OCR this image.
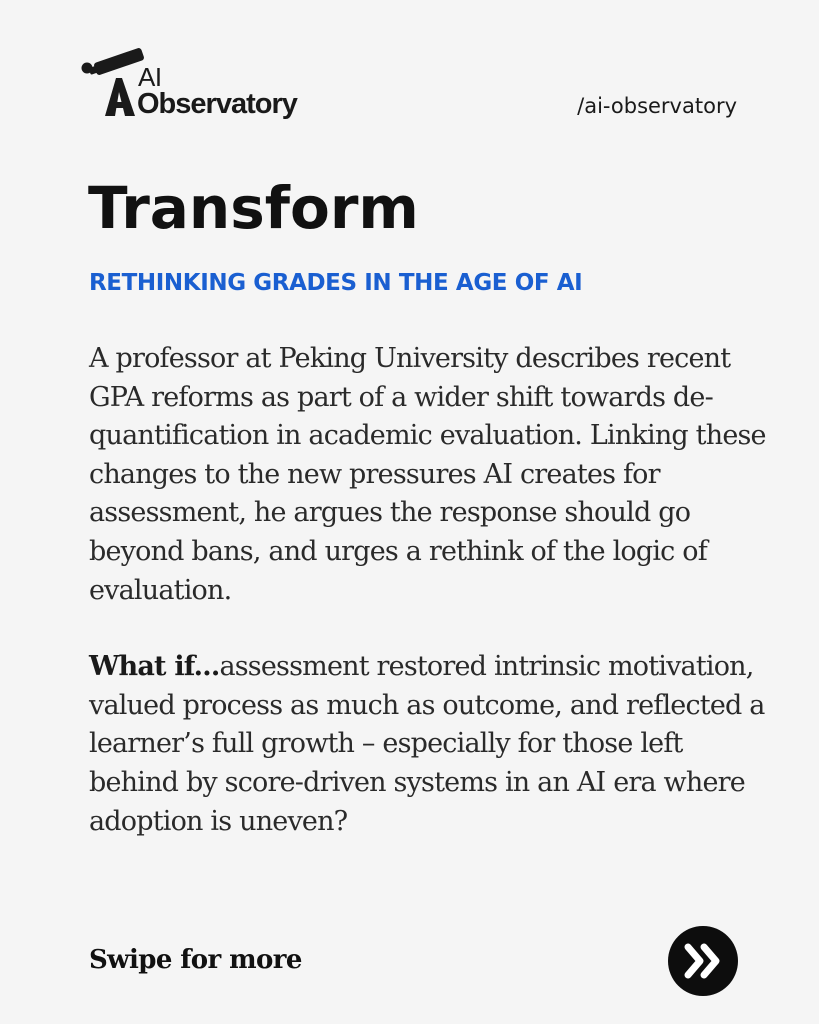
AI
Observatory	/ai-observatory
Transform
RETHINKING GRADES IN THE AGE OF AI

A professor at Peking University describes recent GPA reforms as part of a wider shift towards de-quantification in academic evaluation. Linking these changes to the new pressures AI creates for assessment, he argues the response should go beyond bans, and urges a rethink of the logic of evaluation.

What if...assessment restored intrinsic motivation, valued process as much as outcome, and reflected a learner’s full growth – especially for those left behind by score-driven systems in an AI era where adoption is uneven?

Swipe for more
